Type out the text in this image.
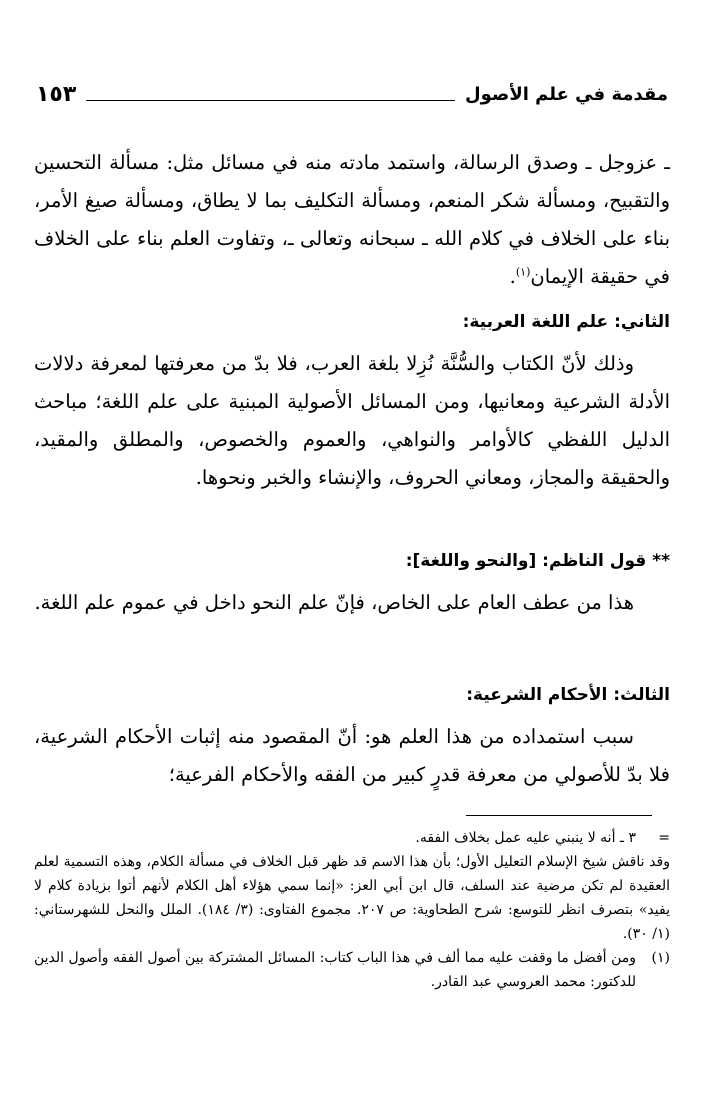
١٥٣	مقدمة في علم الأصول

ـ عزوجل ـ وصدق الرسالة، واستمد مادته منه في مسائل مثل: مسألة التحسين والتقبيح، ومسألة شكر المنعم، ومسألة التكليف بما لا يطاق، ومسألة صيغ الأمر، بناء على الخلاف في كلام الله ـ سبحانه وتعالى ـ، وتفاوت العلم بناء على الخلاف في حقيقة الإيمان$^{(١)}$.

الثاني: علم اللغة العربية:

وذلك لأنّ الكتاب والسُّنَّة نُزِلا بلغة العرب، فلا بدّ من معرفتها لمعرفة دلالات الأدلة الشرعية ومعانيها، ومن المسائل الأصولية المبنية على علم اللغة؛ مباحث الدليل اللفظي كالأوامر والنواهي، والعموم والخصوص، والمطلق والمقيد، والحقيقة والمجاز، ومعاني الحروف، والإنشاء والخبر ونحوها.

** قول الناظم: [والنحو واللغة]:

هذا من عطف العام على الخاص، فإنّ علم النحو داخل في عموم علم اللغة.

الثالث: الأحكام الشرعية:

سبب استمداده من هذا العلم هو: أنّ المقصود منه إثبات الأحكام الشرعية، فلا بدّ للأصولي من معرفة قدرٍ كبير من الفقه والأحكام الفرعية؛

=
٣ ـ أنه لا ينبني عليه عمل بخلاف الفقه.
وقد ناقش شيخ الإسلام التعليل الأول؛ بأن هذا الاسم قد ظهر قبل الخلاف في مسألة الكلام، وهذه التسمية لعلم العقيدة لم تكن مرضية عند السلف، قال ابن أبي العز: «إنما سمي هؤلاء أهل الكلام لأنهم أتوا بزيادة كلام لا يفيد» بتصرف انظر للتوسع: شرح الطحاوية: ص ٢٠٧. مجموع الفتاوى: (٣/ ١٨٤). الملل والنحل للشهرستاني: (١/ ٣٠).
(١)
ومن أفضل ما وقفت عليه مما ألف في هذا الباب كتاب: المسائل المشتركة بين أصول الفقه وأصول الدين للدكتور: محمد العروسي عبد القادر.
